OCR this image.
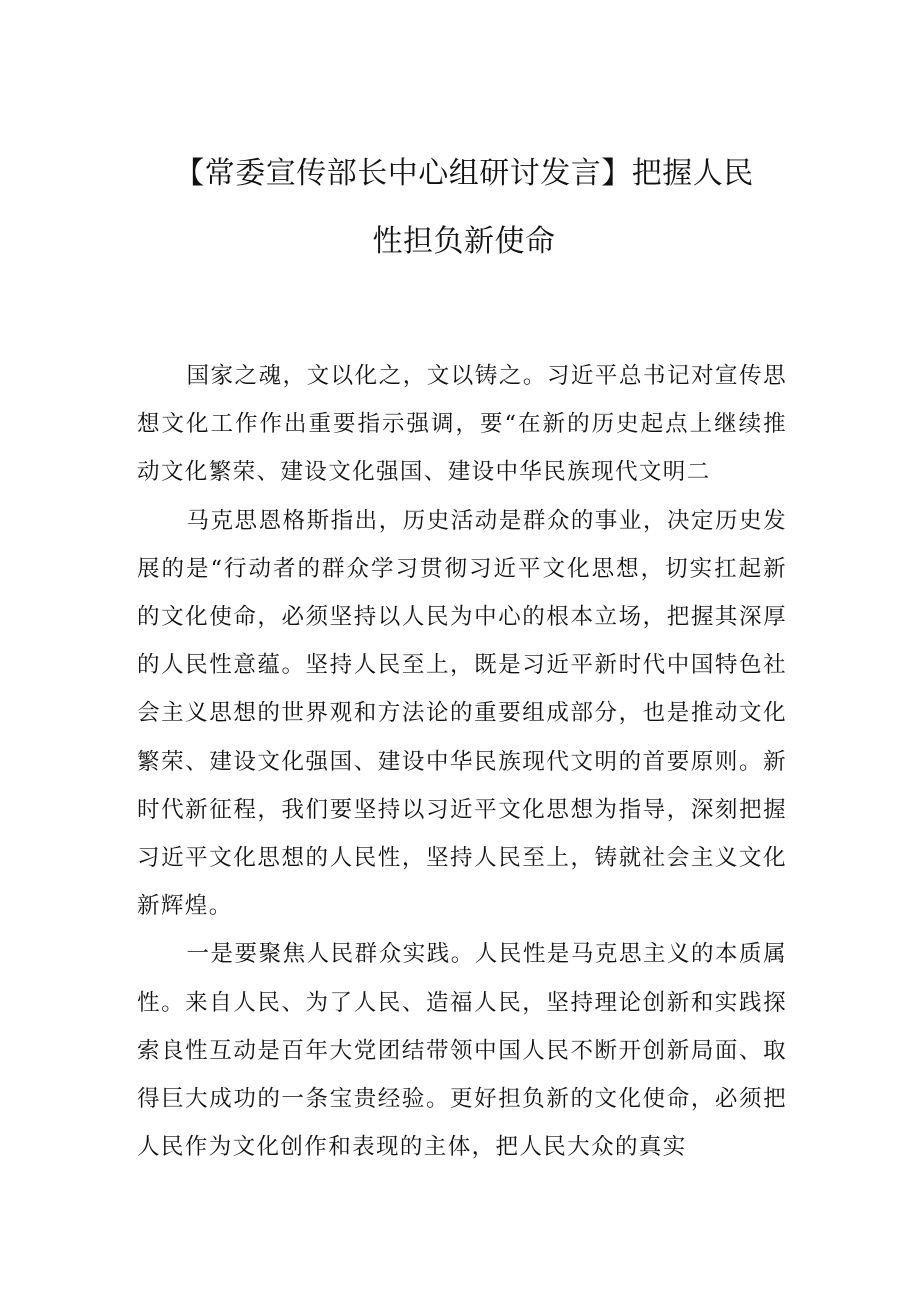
【常委宣传部长中心组研讨发言】把握人民
性担负新使命

国家之魂，文以化之，文以铸之。习近平总书记对宣传思想文化工作作出重要指示强调，要“在新的历史起点上继续推动文化繁荣、建设文化强国、建设中华民族现代文明二

马克思恩格斯指出，历史活动是群众的事业，决定历史发展的是“行动者的群众学习贯彻习近平文化思想，切实扛起新的文化使命，必须坚持以人民为中心的根本立场，把握其深厚的人民性意蕴。坚持人民至上，既是习近平新时代中国特色社会主义思想的世界观和方法论的重要组成部分，也是推动文化繁荣、建设文化强国、建设中华民族现代文明的首要原则。新时代新征程，我们要坚持以习近平文化思想为指导，深刻把握习近平文化思想的人民性，坚持人民至上，铸就社会主义文化新辉煌。

一是要聚焦人民群众实践。人民性是马克思主义的本质属性。来自人民、为了人民、造福人民，坚持理论创新和实践探索良性互动是百年大党团结带领中国人民不断开创新局面、取得巨大成功的一条宝贵经验。更好担负新的文化使命，必须把人民作为文化创作和表现的主体，把人民大众的真实
